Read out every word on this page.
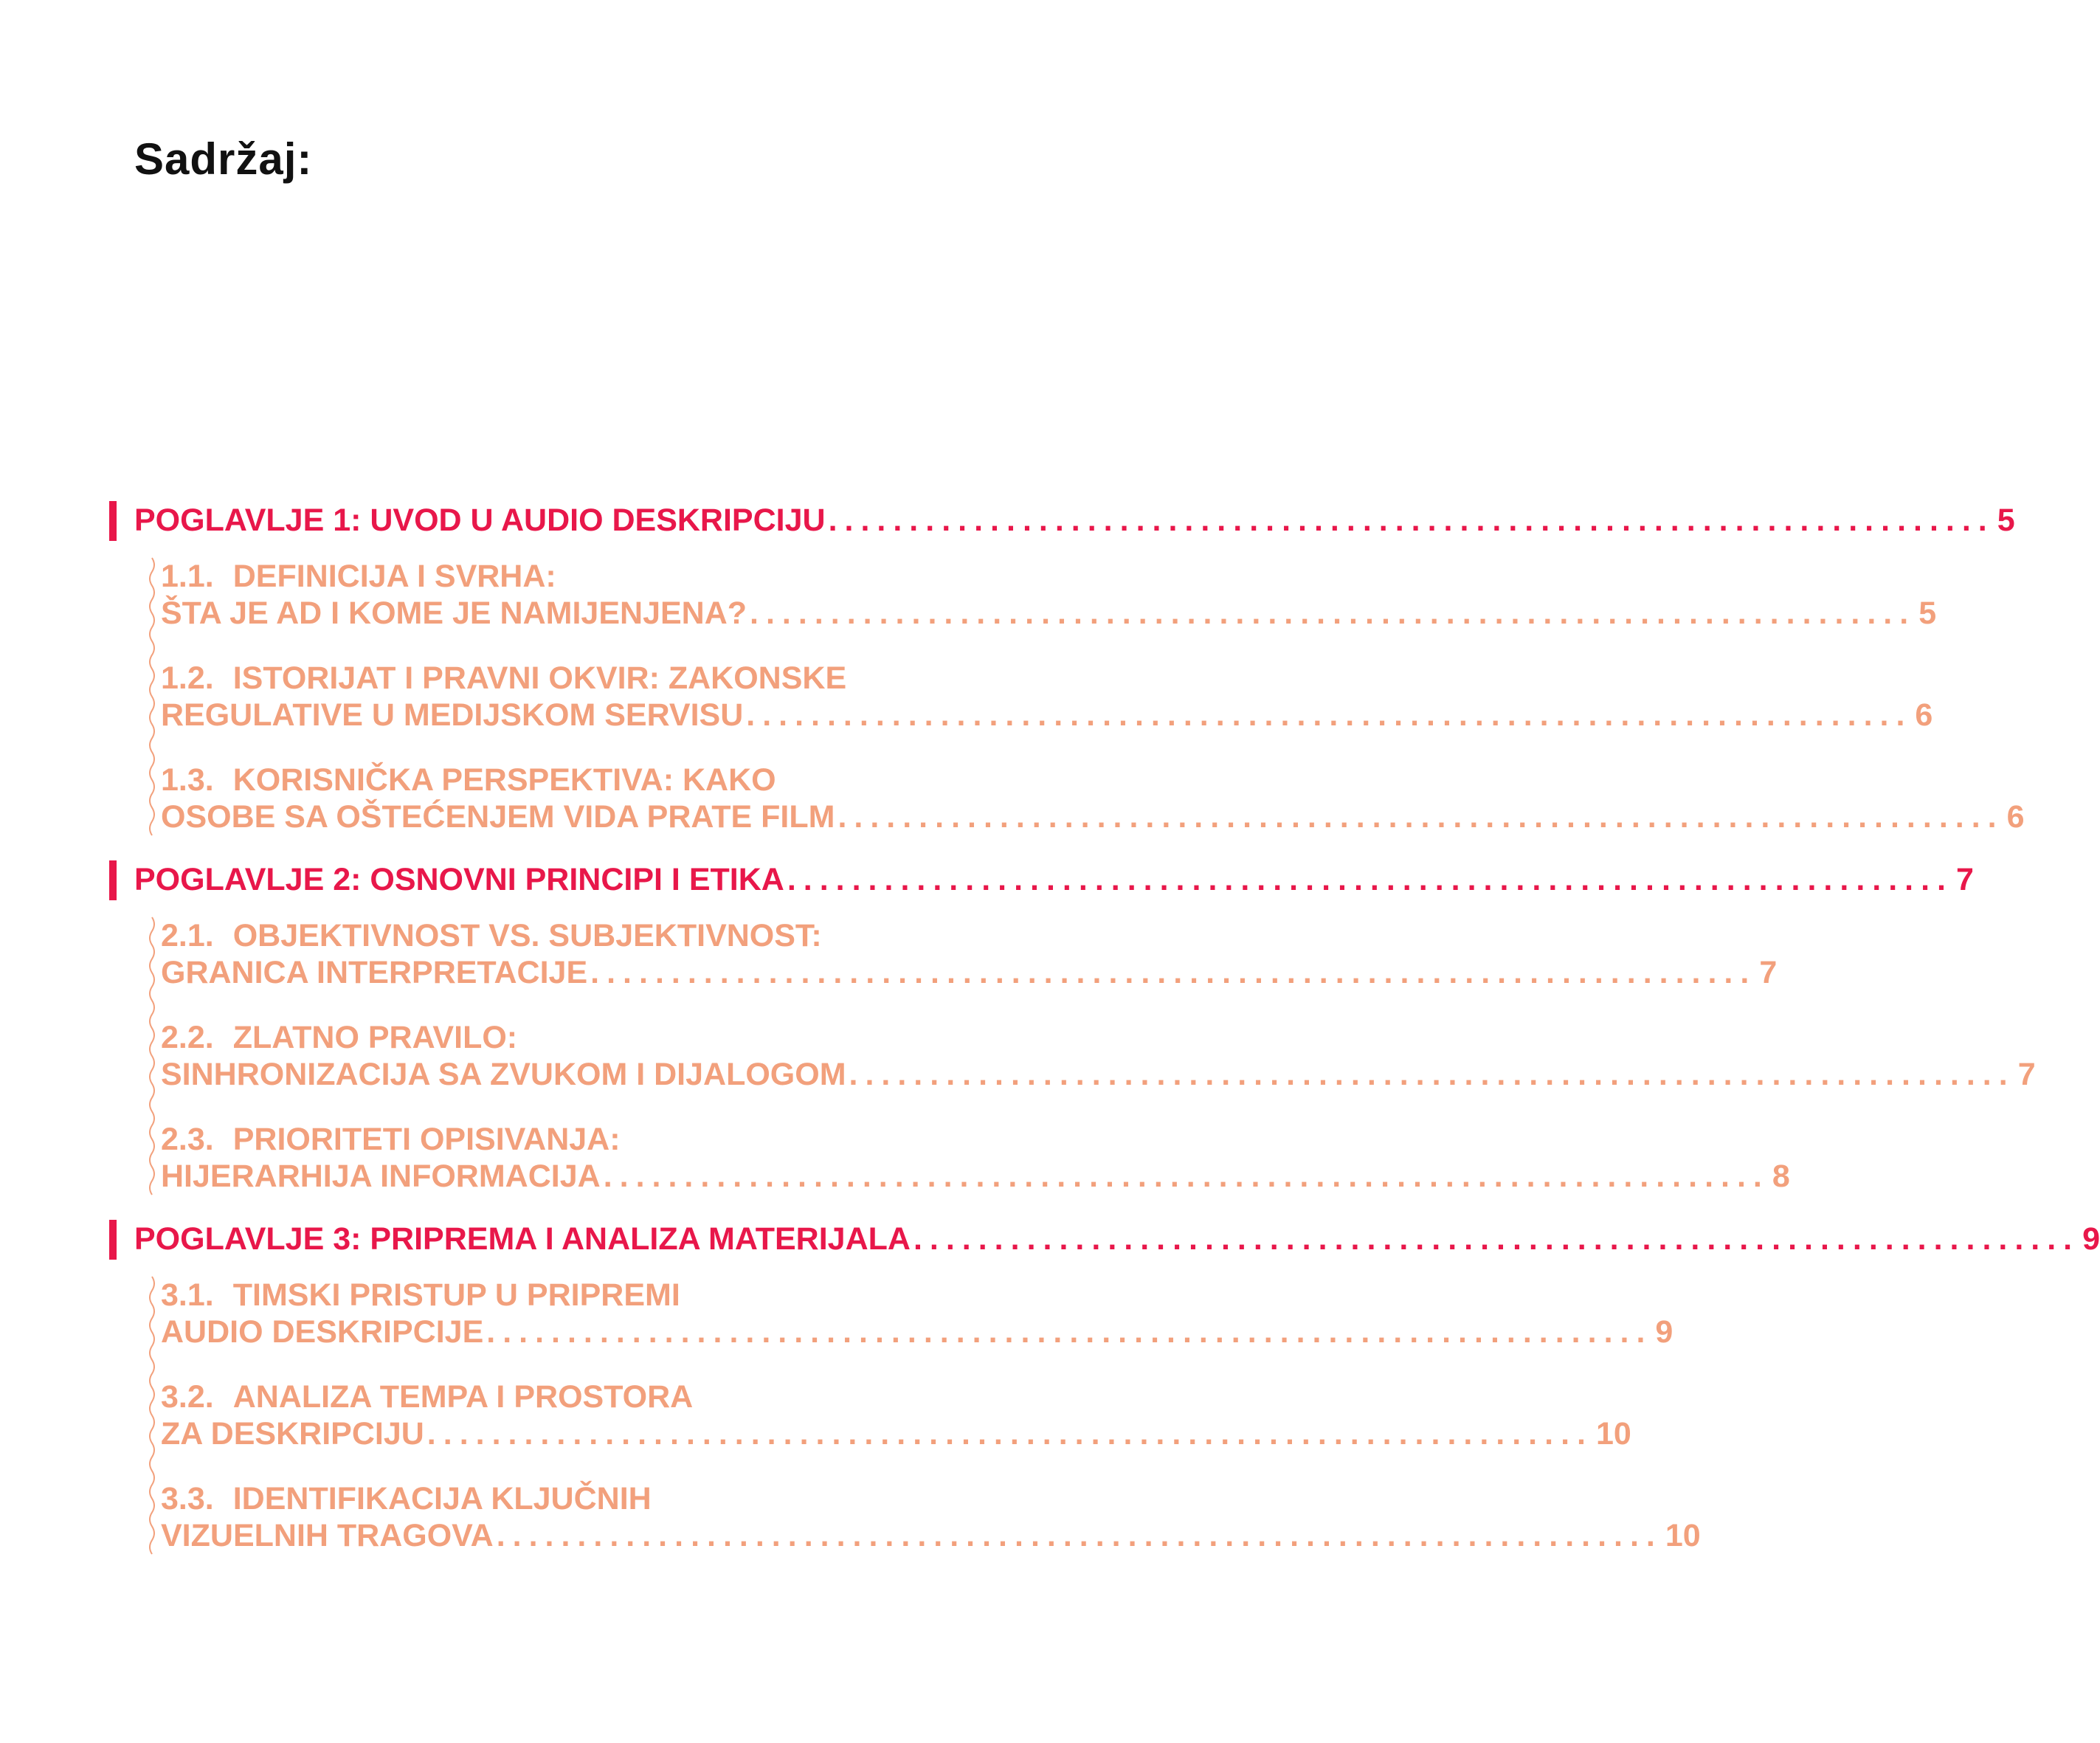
Sadržaj:
POGLAVLJE 1: UVOD U AUDIO DESKRIPCIJU ........................................................................ 5
1.1. DEFINICIJA I SVRHA:
ŠTA JE AD I KOME JE NAMIJENJENA? ........................................................................ 5
1.2. ISTORIJAT I PRAVNI OKVIR: ZAKONSKE
REGULATIVE U MEDIJSKOM SERVISU ........................................................................ 6
1.3. KORISNIČKA PERSPEKTIVA: KAKO
OSOBE SA OŠTEĆENJEM VIDA PRATE FILM ........................................................................ 6
POGLAVLJE 2: OSNOVNI PRINCIPI I ETIKA ........................................................................ 7
2.1. OBJEKTIVNOST VS. SUBJEKTIVNOST:
GRANICA INTERPRETACIJE ........................................................................ 7
2.2. ZLATNO PRAVILO:
SINHRONIZACIJA SA ZVUKOM I DIJALOGOM ........................................................................ 7
2.3. PRIORITETI OPISIVANJA:
HIJERARHIJA INFORMACIJA ........................................................................ 8
POGLAVLJE 3: PRIPREMA I ANALIZA MATERIJALA ........................................................................ 9
3.1. TIMSKI PRISTUP U PRIPREMI
AUDIO DESKRIPCIJE ........................................................................ 9
3.2. ANALIZA TEMPA I PROSTORA
ZA DESKRIPCIJU ........................................................................ 10
3.3. IDENTIFIKACIJA KLJUČNIH
VIZUELNIH TRAGOVA ........................................................................ 10
